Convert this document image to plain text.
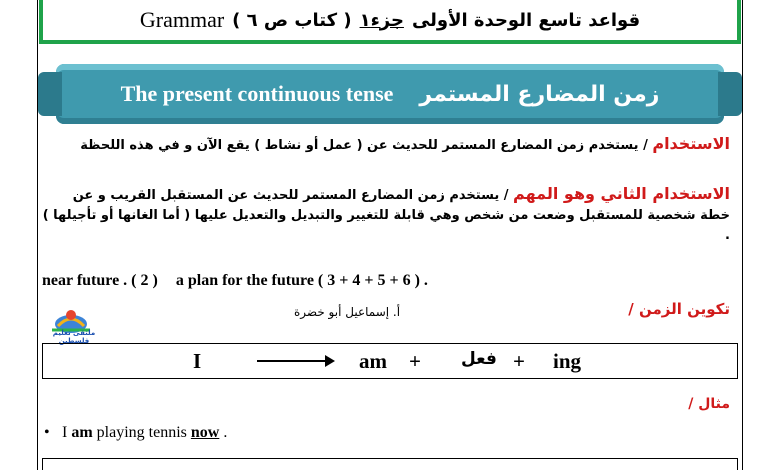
Grammar ( كتاب ص ٦ ) جزء١ قواعد تاسع الوحدة الأولى
The present continuous tense زمن المضارع المستمر
الاستخدام / يستخدم زمن المضارع المستمر للحديث عن ( عمل أو نشاط ) يقع الآن و في هذه اللحظة
الاستخدام الثاني وهو المهم / يستخدم زمن المضارع المستمر للحديث عن المستقبل القريب و عن خطة شخصية للمستقبل وضعت من شخص وهي قابلة للتغيير والتبديل والتعديل عليها ( أما الغانها أو تأجيلها ) .
near future . ( 2 ) a plan for the future ( 3 + 4 + 5 + 6 ) .
تكوين الزمن /
أ. إسماعيل أبو خضرة
ملتقى تعليم فلسطين
I	am + فعل + ing
مثال /
• I am playing tennis now .
